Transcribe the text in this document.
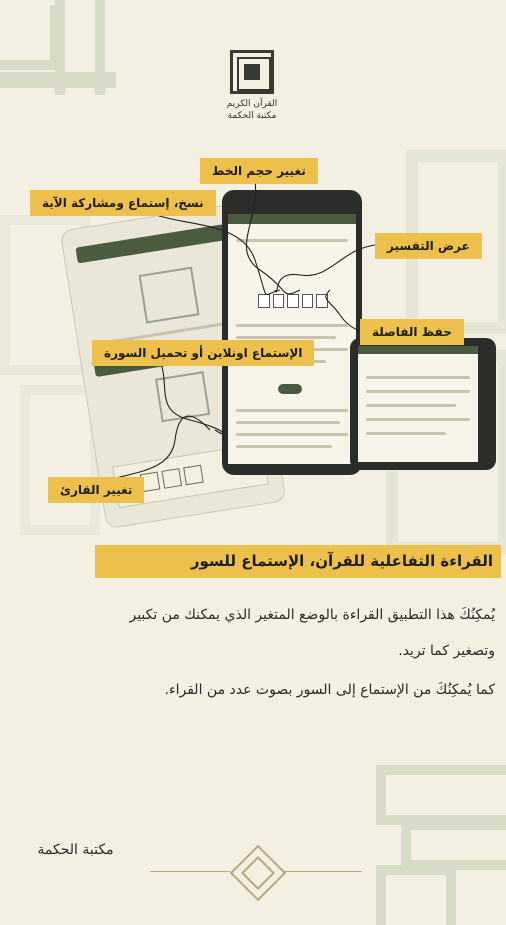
القرآن الكريم
مكتبة الحكمة
تغيير حجم الخط
نسخ، إستماع ومشاركة الآية
عرض التفسير
حفظ الفاصلة
الإستماع اونلاين أو تحميل السورة
تغيير القارئ
القراءة التفاعلية للقرآن، الإستماع للسور
يُمكِنُكَ هذا التطبيق القراءة بالوضع المتغير الذي يمكنك من تكبير وتصغير كما تريد.
كما يُمكِنُكَ من الإستماع إلى السور بصوت عدد من القراء.
مكتبة الحكمة
